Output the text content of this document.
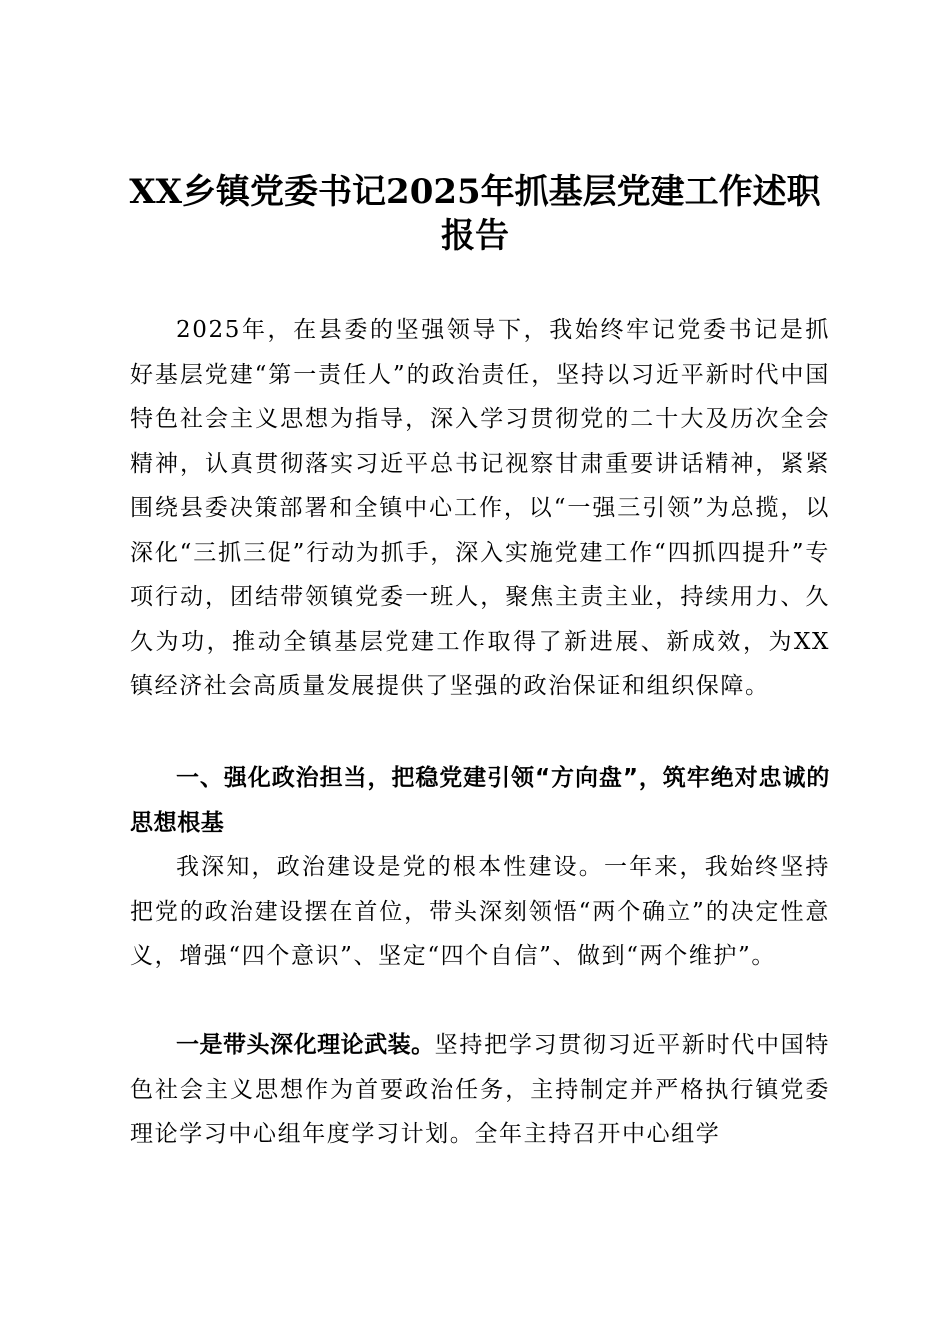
XX乡镇党委书记2025年抓基层党建工作述职报告

2025年，在县委的坚强领导下，我始终牢记党委书记是抓好基层党建“第一责任人”的政治责任，坚持以习近平新时代中国特色社会主义思想为指导，深入学习贯彻党的二十大及历次全会精神，认真贯彻落实习近平总书记视察甘肃重要讲话精神，紧紧围绕县委决策部署和全镇中心工作，以“一强三引领”为总揽，以深化“三抓三促”行动为抓手，深入实施党建工作“四抓四提升”专项行动，团结带领镇党委一班人，聚焦主责主业，持续用力、久久为功，推动全镇基层党建工作取得了新进展、新成效，为XX镇经济社会高质量发展提供了坚强的政治保证和组织保障。

一、强化政治担当，把稳党建引领“方向盘”，筑牢绝对忠诚的思想根基

我深知，政治建设是党的根本性建设。一年来，我始终坚持把党的政治建设摆在首位，带头深刻领悟“两个确立”的决定性意义，增强“四个意识”、坚定“四个自信”、做到“两个维护”。

一是带头深化理论武装。坚持把学习贯彻习近平新时代中国特色社会主义思想作为首要政治任务，主持制定并严格执行镇党委理论学习中心组年度学习计划。全年主持召开中心组学
